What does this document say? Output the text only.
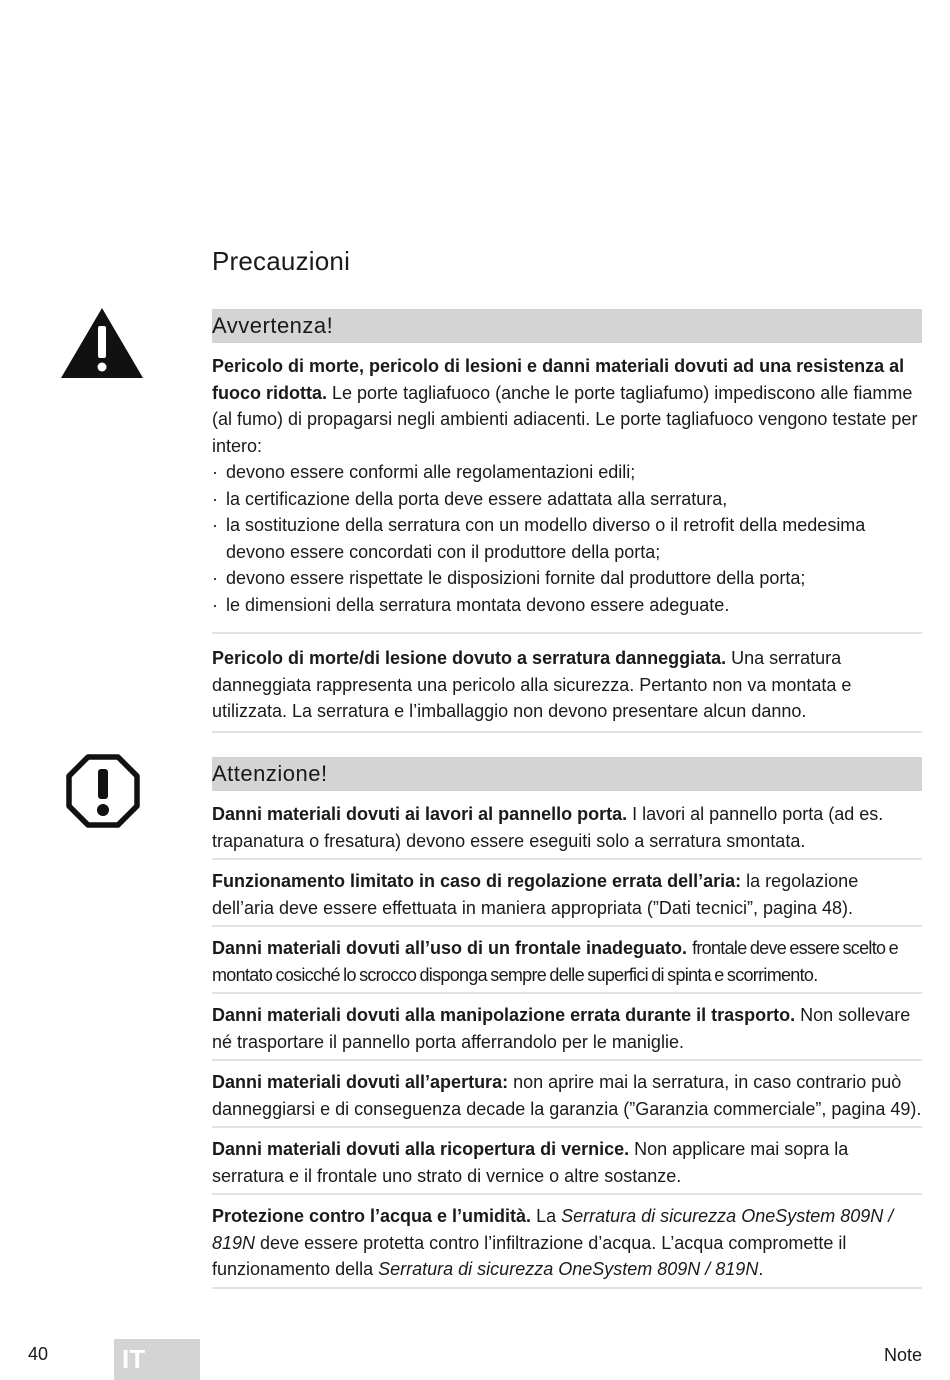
Precauzioni
Avvertenza!

Pericolo di morte, pericolo di lesioni e danni materiali dovuti ad una resistenza al fuoco ridotta. Le porte tagliafuoco (anche le porte tagliafumo) impediscono alle fiamme (al fumo) di propagarsi negli ambienti adiacenti. Le porte tagliafuoco vengono testate per intero:

· devono essere conformi alle regolamentazioni edili;
· la certificazione della porta deve essere adattata alla serratura,
· la sostituzione della serratura con un modello diverso o il retrofit della medesima devono essere concordati con il produttore della porta;
· devono essere rispettate le disposizioni fornite dal produttore della porta;
· le dimensioni della serratura montata devono essere adeguate.

Pericolo di morte/di lesione dovuto a serratura danneggiata. Una serratura danneggiata rappresenta una pericolo alla sicurezza. Pertanto non va montata e utilizzata. La serratura e l’imballaggio non devono presentare alcun danno.

Attenzione!

Danni materiali dovuti ai lavori al pannello porta. I lavori al pannello porta (ad es. trapanatura o fresatura) devono essere eseguiti solo a serratura smontata.

Funzionamento limitato in caso di regolazione errata dell’aria: la regolazione dell’aria deve essere effettuata in maniera appropriata (”Dati tecnici”, pagina 48).

Danni materiali dovuti all’uso di un frontale inadeguato. frontale deve essere scelto e montato cosicché lo scrocco disponga sempre delle superfici di spinta e scorrimento.

Danni materiali dovuti alla manipolazione errata durante il trasporto. Non sollevare né trasportare il pannello porta afferrandolo per le maniglie.

Danni materiali dovuti all’apertura: non aprire mai la serratura, in caso contrario può danneggiarsi e di conseguenza decade la garanzia (”Garanzia commerciale”, pagina 49).

Danni materiali dovuti alla ricopertura di vernice. Non applicare mai sopra la serratura e il frontale uno strato di vernice o altre sostanze.

Protezione contro l’acqua e l’umidità. La Serratura di sicurezza OneSystem 809N / 819N deve essere protetta contro l’infiltrazione d’acqua. L’acqua compromette il funzionamento della Serratura di sicurezza OneSystem 809N / 819N.

40	IT	Note
